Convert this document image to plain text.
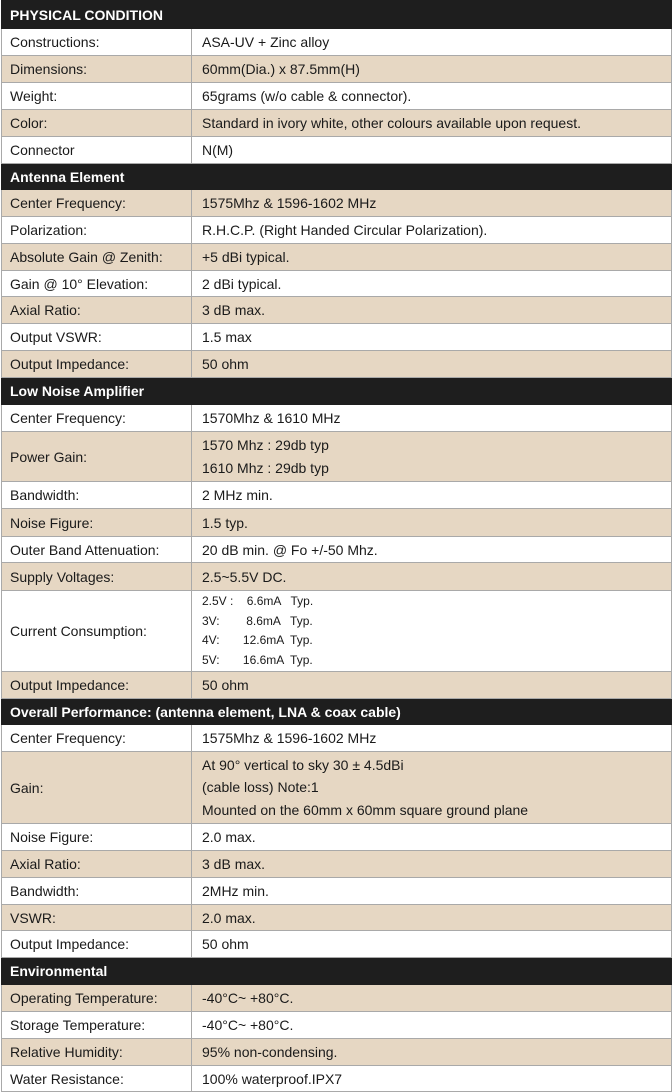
PHYSICAL CONDITION	
Constructions:	ASA-UV + Zinc alloy
Dimensions:	60mm(Dia.) x 87.5mm(H)
Weight:	65grams (w/o cable & connector).
Color:	Standard in ivory white, other colours available upon request.
Connector	N(M)
Antenna Element	
Center Frequency:	1575Mhz & 1596-1602 MHz
Polarization:	R.H.C.P. (Right Handed Circular Polarization).
Absolute Gain @ Zenith:	+5 dBi typical.
Gain @ 10° Elevation:	2 dBi typical.
Axial Ratio:	3 dB max.
Output VSWR:	1.5 max
Output Impedance:	50 ohm
Low Noise Amplifier	
Center Frequency:	1570Mhz & 1610 MHz
Power Gain:	1570 Mhz : 29db typ
1610 Mhz : 29db typ

Bandwidth:	2 MHz min.
Noise Figure:	1.5 typ.
Outer Band Attenuation:	20 dB min. @ Fo +/-50 Mhz.
Supply Voltages:	2.5~5.5V DC.
Current Consumption:	2.5V :    6.6mA   Typ.
3V:        8.6mA   Typ.
4V:       12.6mA  Typ.
5V:       16.6mA  Typ.

Output Impedance:	50 ohm
Overall Performance: (antenna element, LNA & coax cable)	
Center Frequency:	1575Mhz & 1596-1602 MHz
Gain:	At 90° vertical to sky 30 ± 4.5dBi
(cable loss) Note:1
Mounted on the 60mm x 60mm square ground plane

Noise Figure:	2.0 max.
Axial Ratio:	3 dB max.
Bandwidth:	2MHz min.
VSWR:	2.0 max.
Output Impedance:	50 ohm
Environmental	
Operating Temperature:	-40°C~ +80°C.
Storage Temperature:	-40°C~ +80°C.
Relative Humidity:	95% non-condensing.
Water Resistance:	100% waterproof.IPX7
